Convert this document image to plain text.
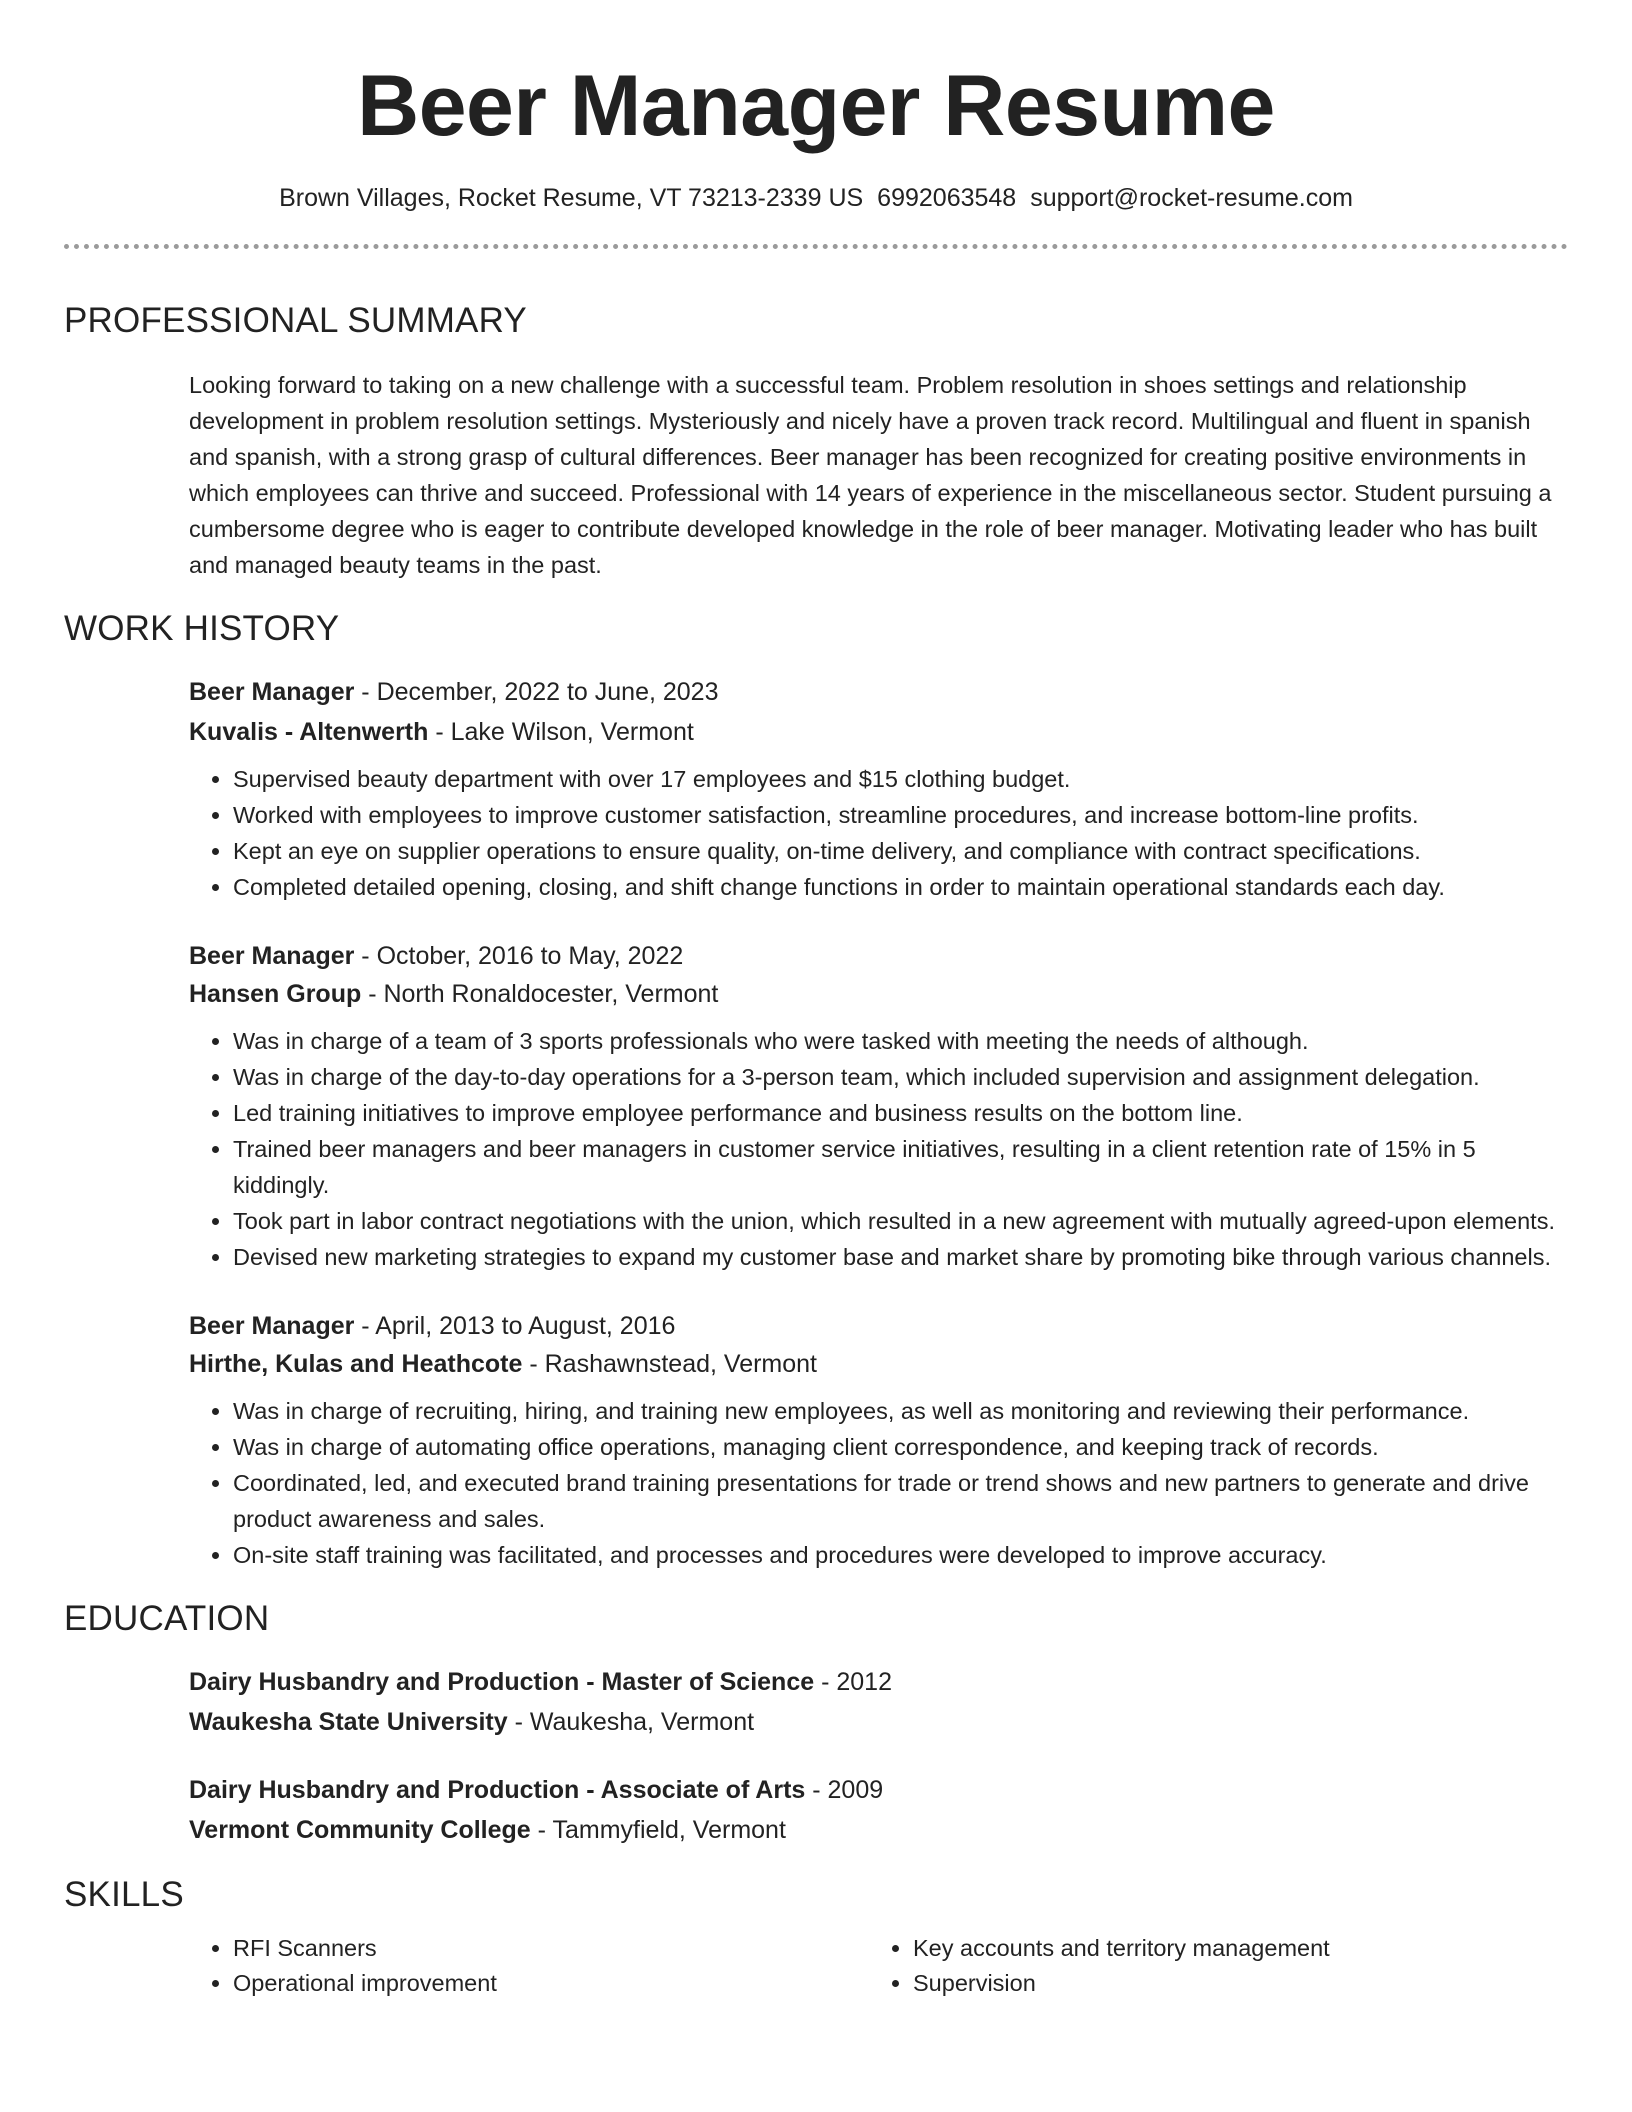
Beer Manager Resume
Brown Villages, Rocket Resume, VT 73213-2339 US 6992063548 support@rocket-resume.com
PROFESSIONAL SUMMARY

Looking forward to taking on a new challenge with a successful team. Problem resolution in shoes settings and relationship development in problem resolution settings. Mysteriously and nicely have a proven track record. Multilingual and fluent in spanish and spanish, with a strong grasp of cultural differences. Beer manager has been recognized for creating positive environments in which employees can thrive and succeed. Professional with 14 years of experience in the miscellaneous sector. Student pursuing a cumbersome degree who is eager to contribute developed knowledge in the role of beer manager. Motivating leader who has built and managed beauty teams in the past.

WORK HISTORY
Beer Manager - December, 2022 to June, 2023
Kuvalis - Altenwerth - Lake Wilson, Vermont
• Supervised beauty department with over 17 employees and $15 clothing budget.
• Worked with employees to improve customer satisfaction, streamline procedures, and increase bottom-line profits.
• Kept an eye on supplier operations to ensure quality, on-time delivery, and compliance with contract specifications.
• Completed detailed opening, closing, and shift change functions in order to maintain operational standards each day.
Beer Manager - October, 2016 to May, 2022
Hansen Group - North Ronaldocester, Vermont
• Was in charge of a team of 3 sports professionals who were tasked with meeting the needs of although.
• Was in charge of the day-to-day operations for a 3-person team, which included supervision and assignment delegation.
• Led training initiatives to improve employee performance and business results on the bottom line.
• Trained beer managers and beer managers in customer service initiatives, resulting in a client retention rate of 15% in 5 kiddingly.
• Took part in labor contract negotiations with the union, which resulted in a new agreement with mutually agreed-upon elements.
• Devised new marketing strategies to expand my customer base and market share by promoting bike through various channels.
Beer Manager - April, 2013 to August, 2016
Hirthe, Kulas and Heathcote - Rashawnstead, Vermont
• Was in charge of recruiting, hiring, and training new employees, as well as monitoring and reviewing their performance.
• Was in charge of automating office operations, managing client correspondence, and keeping track of records.
• Coordinated, led, and executed brand training presentations for trade or trend shows and new partners to generate and drive product awareness and sales.
• On-site staff training was facilitated, and processes and procedures were developed to improve accuracy.
EDUCATION
Dairy Husbandry and Production - Master of Science - 2012
Waukesha State University - Waukesha, Vermont
Dairy Husbandry and Production - Associate of Arts - 2009
Vermont Community College - Tammyfield, Vermont
SKILLS
• RFI Scanners
• Operational improvement
• Key accounts and territory management
• Supervision
